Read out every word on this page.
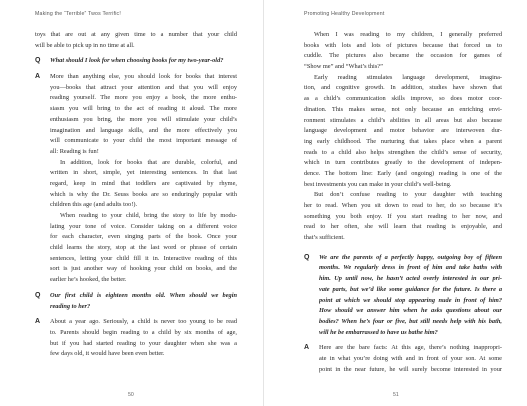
Making the “Terrible” Twos Terrific!
toys that are out at any given time to a number that your child
will be able to pick up in no time at all.
Q What should I look for when choosing books for my two-year-old?
A More than anything else, you should look for books that interest
you—books that attract your attention and that you will enjoy
reading yourself. The more you enjoy a book, the more enthu-
siasm you will bring to the act of reading it aloud. The more
enthusiasm you bring, the more you will stimulate your child’s
imagination and language skills, and the more effectively you
will communicate to your child the most important message of
all: Reading is fun!
In addition, look for books that are durable, colorful, and
written in short, simple, yet interesting sentences. In that last
regard, keep in mind that toddlers are captivated by rhyme,
which is why the Dr. Seuss books are so enduringly popular with
children this age (and adults too!).
When reading to your child, bring the story to life by modu-
lating your tone of voice. Consider taking on a different voice
for each character, even singing parts of the book. Once your
child learns the story, stop at the last word or phrase of certain
sentences, letting your child fill it in. Interactive reading of this
sort is just another way of hooking your child on books, and the
earlier he’s hooked, the better.
Q Our first child is eighteen months old. When should we begin
reading to her?
A About a year ago. Seriously, a child is never too young to be read
to. Parents should begin reading to a child by six months of age,
but if you had started reading to your daughter when she was a
few days old, it would have been even better.
50
Promoting Healthy Development
When I was reading to my children, I generally preferred
books with lots and lots of pictures because that forced us to
cuddle. The pictures also became the occasion for games of
“Show me” and “What’s this?”
Early reading stimulates language development, imagina-
tion, and cognitive growth. In addition, studies have shown that
as a child’s communication skills improve, so does motor coor-
dination. This makes sense, not only because an enriching envi-
ronment stimulates a child’s abilities in all areas but also because
language development and motor behavior are interwoven dur-
ing early childhood. The nurturing that takes place when a parent
reads to a child also helps strengthen the child’s sense of security,
which in turn contributes greatly to the development of indepen-
dence. The bottom line: Early (and ongoing) reading is one of the
best investments you can make in your child’s well-being.
But don’t confuse reading to your daughter with teaching
her to read. When you sit down to read to her, do so because it’s
something you both enjoy. If you start reading to her now, and
read to her often, she will learn that reading is enjoyable, and
that’s sufficient.
Q We are the parents of a perfectly happy, outgoing boy of fifteen
months. We regularly dress in front of him and take baths with
him. Up until now, he hasn’t acted overly interested in our pri-
vate parts, but we’d like some guidance for the future. Is there a
point at which we should stop appearing nude in front of him?
How should we answer him when he asks questions about our
bodies? When he’s four or five, but still needs help with his bath,
will he be embarrassed to have us bathe him?
A Here are the bare facts: At this age, there’s nothing inappropri-
ate in what you’re doing with and in front of your son. At some
point in the near future, he will surely become interested in your
51
